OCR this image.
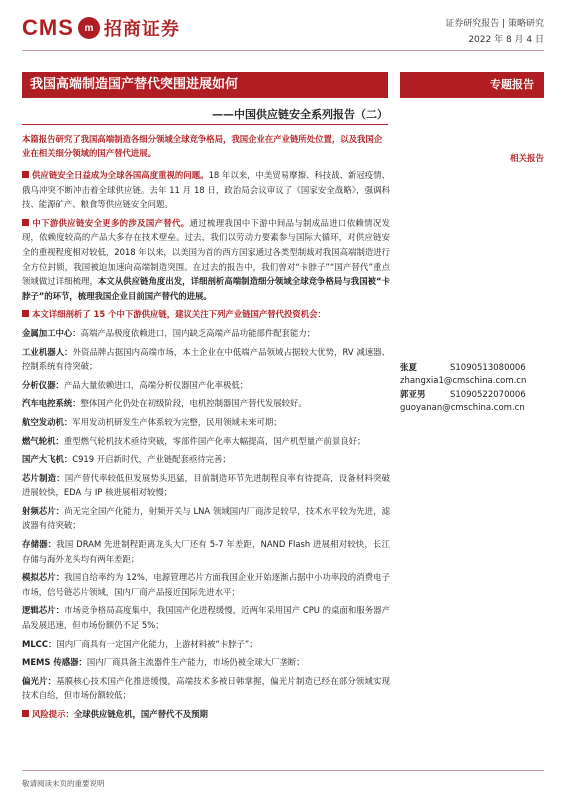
CMS	m 招商证券	证券研究报告 | 策略研究
2022 年 8 月 4 日
我国高端制造国产替代突围进展如何	专题报告
——中国供应链安全系列报告（二）
本篇报告研究了我国高端制造各细分领域全球竞争格局，我国企业在产业链所处位置，以及我国企业在相关细分领域的国产替代进展。
相关报告

供应链安全日益成为全球各国高度重视的问题。18 年以来，中美贸易摩擦、科技战、新冠疫情、俄乌冲突不断冲击着全球供应链。去年 11 月 18 日，政治局会议审议了《国家安全战略》，强调科技、能源矿产、粮食等供应链安全问题。

中下游供应链安全更多的涉及国产替代。通过梳理我国中下游中间品与制成品进口依赖情况发现，依赖度较高的产品大多存在技术壁垒。过去，我们以劳动力要素参与国际大循环，对供应链安全的重视程度相对较低，2018 年以来，以美国为首的西方国家通过各类型制裁对我国高端制造进行全方位封锁，我国被迫加速向高端制造突围。在过去的报告中，我们曾对“卡脖子”“国产替代”重点领域做过详细梳理，本文从供应链角度出发，详细剖析高端制造细分领域全球竞争格局与我国被“卡脖子”的环节，梳理我国企业目前国产替代的进展。

本文详细剖析了 15 个中下游供应链，建议关注下列产业链国产替代投资机会：

金属加工中心：高端产品极度依赖进口，国内缺乏高端产品功能部件配套能力；

工业机器人：外资品牌占据国内高端市场，本土企业在中低端产品领域占据较大优势，RV 减速器、控制系统有待突破；

分析仪器：产品大量依赖进口，高端分析仪器国产化率极低；

汽车电控系统：整体国产化仍处在初级阶段，电机控制器国产替代发展较好。

航空发动机：军用发动机研发生产体系较为完整，民用领域未来可期；

燃气轮机：重型燃气轮机技术亟待突破，零部件国产化率大幅提高，国产机型量产前景良好；

国产大飞机：C919 开启新时代，产业链配套亟待完善；

芯片制造：国产替代率较低但发展势头迅猛，目前制造环节先进制程良率有待提高，设备材料突破进展较快，EDA 与 IP 核进展相对较慢；

射频芯片：尚无完全国产化能力，射频开关与 LNA 领域国内厂商涉足较早，技术水平较为先进，滤波器有待突破；

存储器：我国 DRAM 先进制程距离龙头大厂还有 5-7 年差距，NAND Flash 进展相对较快，长江存储与海外龙头均有两年差距；

模拟芯片：我国自给率约为 12%，电源管理芯片方面我国企业开始逐渐占据中小功率段的消费电子市场，信号链芯片领域，国内厂商产品接近国际先进水平；

逻辑芯片：市场竞争格局高度集中，我国国产化进程缓慢，近两年采用国产 CPU 的桌面和服务器产品发展迅速，但市场份额仍不足 5%；

MLCC：国内厂商具有一定国产化能力，上游材料被“卡脖子”；

MEMS 传感器：国内厂商具备主流器件生产能力，市场仍被全球大厂垄断；

偏光片：基膜核心技术国产化推进缓慢，高端技术多被日韩掌握，偏光片制造已经在部分领域实现技术自给，但市场份额较低；

风险提示：全球供应链危机，国产替代不及预期

张夏	S1090513080006
zhangxia1@cmschina.com.cn
郭亚男	S1090522070006
guoyanan@cmschina.com.cn
敬请阅读末页的重要说明
